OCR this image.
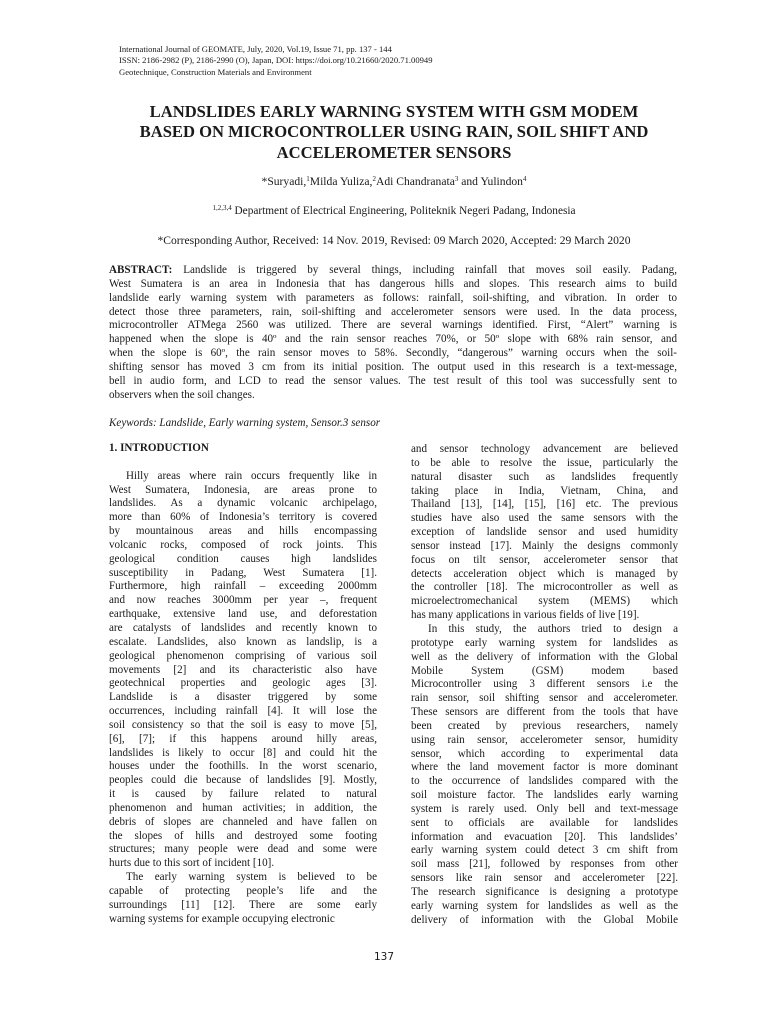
International Journal of GEOMATE, July, 2020, Vol.19, Issue 71, pp. 137 - 144
ISSN: 2186-2982 (P), 2186-2990 (O), Japan, DOI: https://doi.org/10.21660/2020.71.00949
Geotechnique, Construction Materials and Environment
LANDSLIDES EARLY WARNING SYSTEM WITH GSM MODEM
BASED ON MICROCONTROLLER USING RAIN, SOIL SHIFT AND
ACCELEROMETER SENSORS
*Suryadi,$^1$Milda Yuliza,$^2$Adi Chandranata$^3$ and Yulindon$^4$
$^{1,2,3,4}$ Department of Electrical Engineering, Politeknik Negeri Padang, Indonesia
*Corresponding Author, Received: 14 Nov. 2019, Revised: 09 March 2020, Accepted: 29 March 2020
ABSTRACT: Landslide is triggered by several things, including rainfall that moves soil easily. Padang,
West Sumatera is an area in Indonesia that has dangerous hills and slopes. This research aims to build
landslide early warning system with parameters as follows: rainfall, soil-shifting, and vibration. In order to
detect those three parameters, rain, soil-shifting and accelerometer sensors were used. In the data process,
microcontroller ATMega 2560 was utilized. There are several warnings identified. First, “Alert” warning is
happened when the slope is 40º and the rain sensor reaches 70%, or 50º slope with 68% rain sensor, and
when the slope is 60º, the rain sensor moves to 58%. Secondly, “dangerous” warning occurs when the soil-
shifting sensor has moved 3 cm from its initial position. The output used in this research is a text-message,
bell in audio form, and LCD to read the sensor values. The test result of this tool was successfully sent to
observers when the soil changes.
Keywords: Landslide, Early warning system, Sensor.3 sensor
1. INTRODUCTION
Hilly areas where rain occurs frequently like in
West Sumatera, Indonesia, are areas prone to
landslides. As a dynamic volcanic archipelago,
more than 60% of Indonesia’s territory is covered
by mountainous areas and hills encompassing
volcanic rocks, composed of rock joints. This
geological condition causes high landslides
susceptibility in Padang, West Sumatera [1].
Furthermore, high rainfall – exceeding 2000mm
and now reaches 3000mm per year –, frequent
earthquake, extensive land use, and deforestation
are catalysts of landslides and recently known to
escalate. Landslides, also known as landslip, is a
geological phenomenon comprising of various soil
movements [2] and its characteristic also have
geotechnical properties and geologic ages [3].
Landslide is a disaster triggered by some
occurrences, including rainfall [4]. It will lose the
soil consistency so that the soil is easy to move [5],
[6], [7]; if this happens around hilly areas,
landslides is likely to occur [8] and could hit the
houses under the foothills. In the worst scenario,
peoples could die because of landslides [9]. Mostly,
it is caused by failure related to natural
phenomenon and human activities; in addition, the
debris of slopes are channeled and have fallen on
the slopes of hills and destroyed some footing
structures; many people were dead and some were
hurts due to this sort of incident [10].
The early warning system is believed to be
capable of protecting people’s life and the
surroundings [11] [12]. There are some early
warning systems for example occupying electronic
and sensor technology advancement are believed
to be able to resolve the issue, particularly the
natural disaster such as landslides frequently
taking place in India, Vietnam, China, and
Thailand [13], [14], [15], [16] etc. The previous
studies have also used the same sensors with the
exception of landslide sensor and used humidity
sensor instead [17]. Mainly the designs commonly
focus on tilt sensor, accelerometer sensor that
detects acceleration object which is managed by
the controller [18]. The microcontroller as well as
microelectromechanical system (MEMS) which
has many applications in various fields of live [19].
In this study, the authors tried to design a
prototype early warning system for landslides as
well as the delivery of information with the Global
Mobile System (GSM) modem based
Microcontroller using 3 different sensors i.e the
rain sensor, soil shifting sensor and accelerometer.
These sensors are different from the tools that have
been created by previous researchers, namely
using rain sensor, accelerometer sensor, humidity
sensor, which according to experimental data
where the land movement factor is more dominant
to the occurrence of landslides compared with the
soil moisture factor. The landslides early warning
system is rarely used. Only bell and text-message
sent to officials are available for landslides
information and evacuation [20]. This landslides’
early warning system could detect 3 cm shift from
soil mass [21], followed by responses from other
sensors like rain sensor and accelerometer [22].
The research significance is designing a prototype
early warning system for landslides as well as the
delivery of information with the Global Mobile
137
